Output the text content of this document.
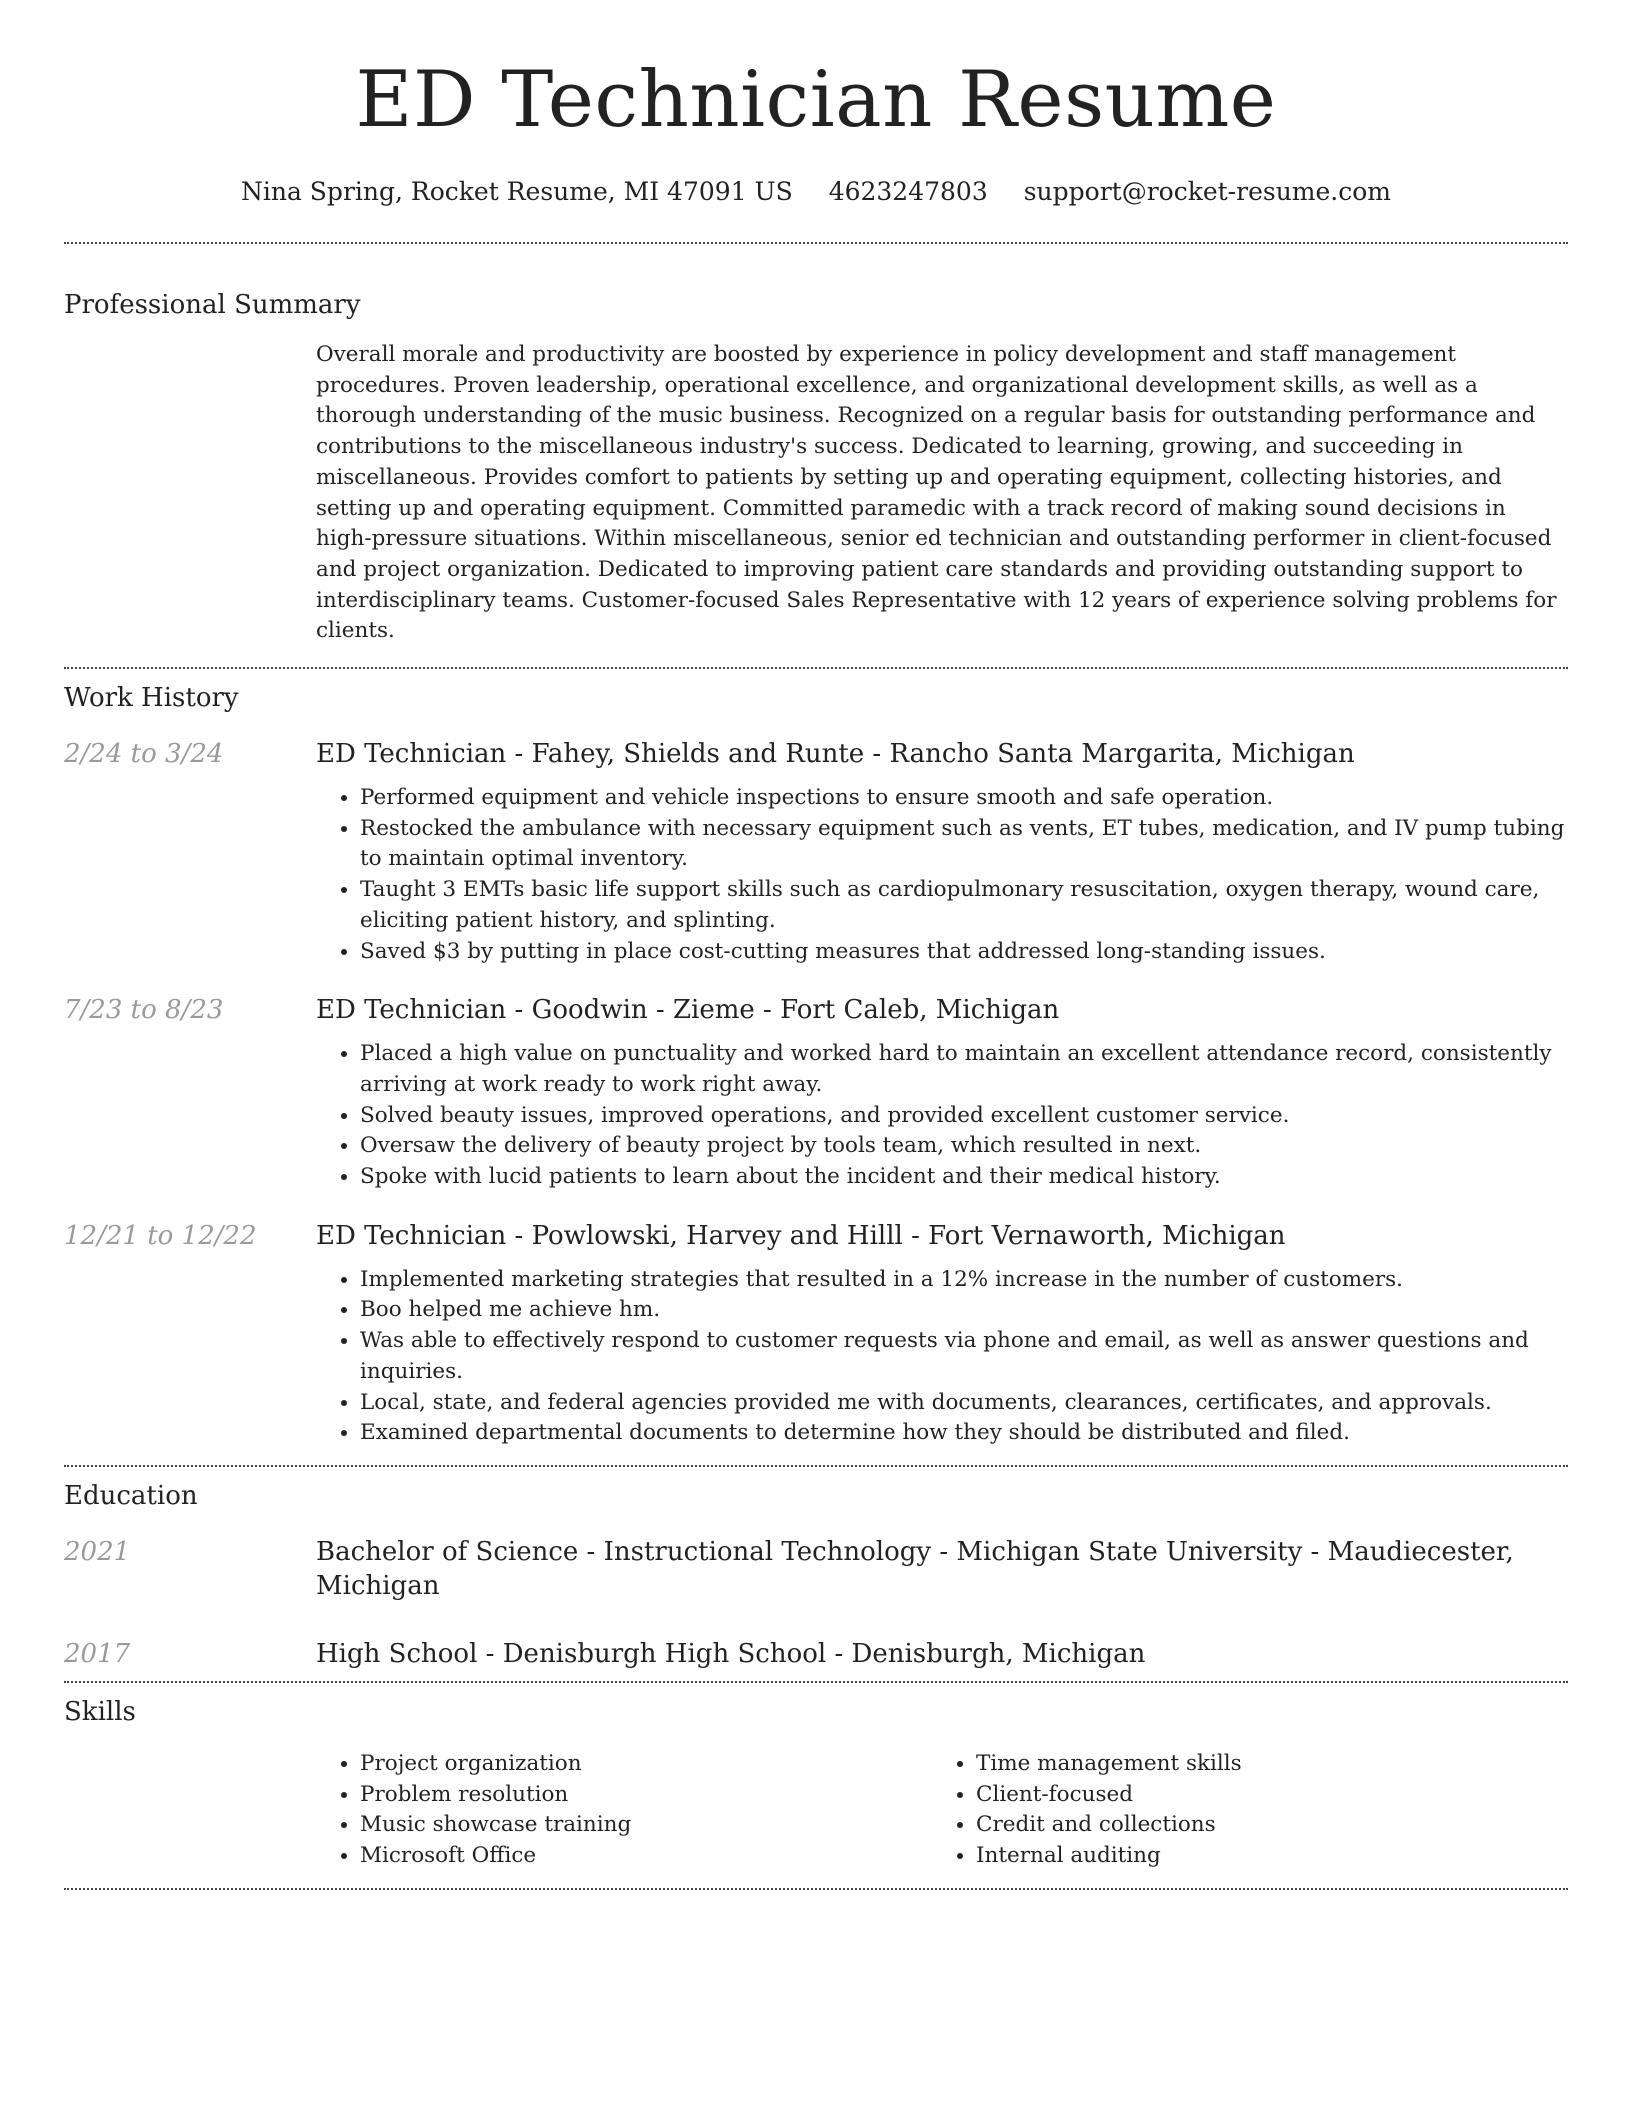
ED Technician Resume
Nina Spring, Rocket Resume, MI 47091 US 4623247803 support@rocket-resume.com
Professional Summary
Overall morale and productivity are boosted by experience in policy development and staff management procedures. Proven leadership, operational excellence, and organizational development skills, as well as a thorough understanding of the music business. Recognized on a regular basis for outstanding performance and contributions to the miscellaneous industry's success. Dedicated to learning, growing, and succeeding in miscellaneous. Provides comfort to patients by setting up and operating equipment, collecting histories, and setting up and operating equipment. Committed paramedic with a track record of making sound decisions in high-pressure situations. Within miscellaneous, senior ed technician and outstanding performer in client-focused and project organization. Dedicated to improving patient care standards and providing outstanding support to interdisciplinary teams. Customer-focused Sales Representative with 12 years of experience solving problems for clients.
Work History
2/24 to 3/24	ED Technician - Fahey, Shields and Runte - Rancho Santa Margarita, Michigan
• Performed equipment and vehicle inspections to ensure smooth and safe operation.
• Restocked the ambulance with necessary equipment such as vents, ET tubes, medication, and IV pump tubing to maintain optimal inventory.
• Taught 3 EMTs basic life support skills such as cardiopulmonary resuscitation, oxygen therapy, wound care, eliciting patient history, and splinting.
• Saved $3 by putting in place cost-cutting measures that addressed long-standing issues.
7/23 to 8/23	ED Technician - Goodwin - Zieme - Fort Caleb, Michigan
• Placed a high value on punctuality and worked hard to maintain an excellent attendance record, consistently arriving at work ready to work right away.
• Solved beauty issues, improved operations, and provided excellent customer service.
• Oversaw the delivery of beauty project by tools team, which resulted in next.
• Spoke with lucid patients to learn about the incident and their medical history.
12/21 to 12/22	ED Technician - Powlowski, Harvey and Hilll - Fort Vernaworth, Michigan
• Implemented marketing strategies that resulted in a 12% increase in the number of customers.
• Boo helped me achieve hm.
• Was able to effectively respond to customer requests via phone and email, as well as answer questions and inquiries.
• Local, state, and federal agencies provided me with documents, clearances, certificates, and approvals.
• Examined departmental documents to determine how they should be distributed and filed.
Education
2021	Bachelor of Science - Instructional Technology - Michigan State University - Maudiecester, Michigan
2017	High School - Denisburgh High School - Denisburgh, Michigan
Skills
• Project organization
• Problem resolution
• Music showcase training
• Microsoft Office
• Time management skills
• Client-focused
• Credit and collections
• Internal auditing
